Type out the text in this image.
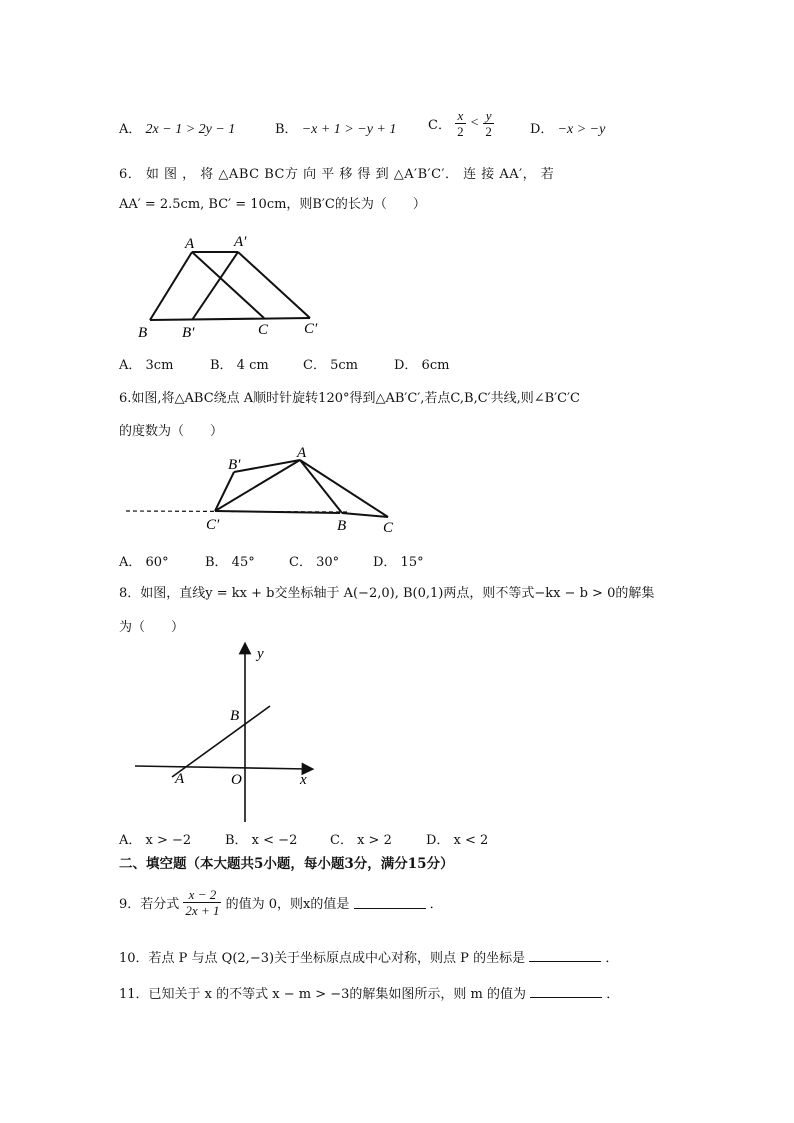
A． 2x − 1 > 2y − 1	B． −x + 1 > −y + 1 C． $\frac{x}{2} < \frac{y}{2}$	D． −x > −y
6． 如 图 ， 将 △ABC BC方 向 平 移 得 到 △A′B′C′． 连 接 AA′， 若
AA′ = 2.5cm, BC′ = 10cm，则B′C的长为（　　）
A	A′
B B′	C C′
A． 3cm	B． 4 cm	C． 5cm	D． 6cm
6.如图,将△ABC绕点 A顺时针旋转120°得到△AB′C′,若点C,B,C′共线,则∠B′C′C
的度数为（　　）
A
B′
C′	B C
A． 60°	B． 45°	C． 30°	D． 15°
8．如图，直线y = kx + b交坐标轴于 A(−2,0), B(0,1)两点，则不等式−kx − b > 0的解集
为（　　）
y
x
O
A
B
A． x > −2	B． x < −2	C． x > 2	D． x < 2
二、填空题（本大题共5小题，每小题3分，满分15分）
9．若分式 $\frac{x - 2}{2x + 1}$ 的值为 0，则x的值是	．
10．若点 P 与点 Q(2,−3)关于坐标原点成中心对称，则点 P 的坐标是	．
11．已知关于 x 的不等式 x − m > −3的解集如图所示，则 m 的值为	．
